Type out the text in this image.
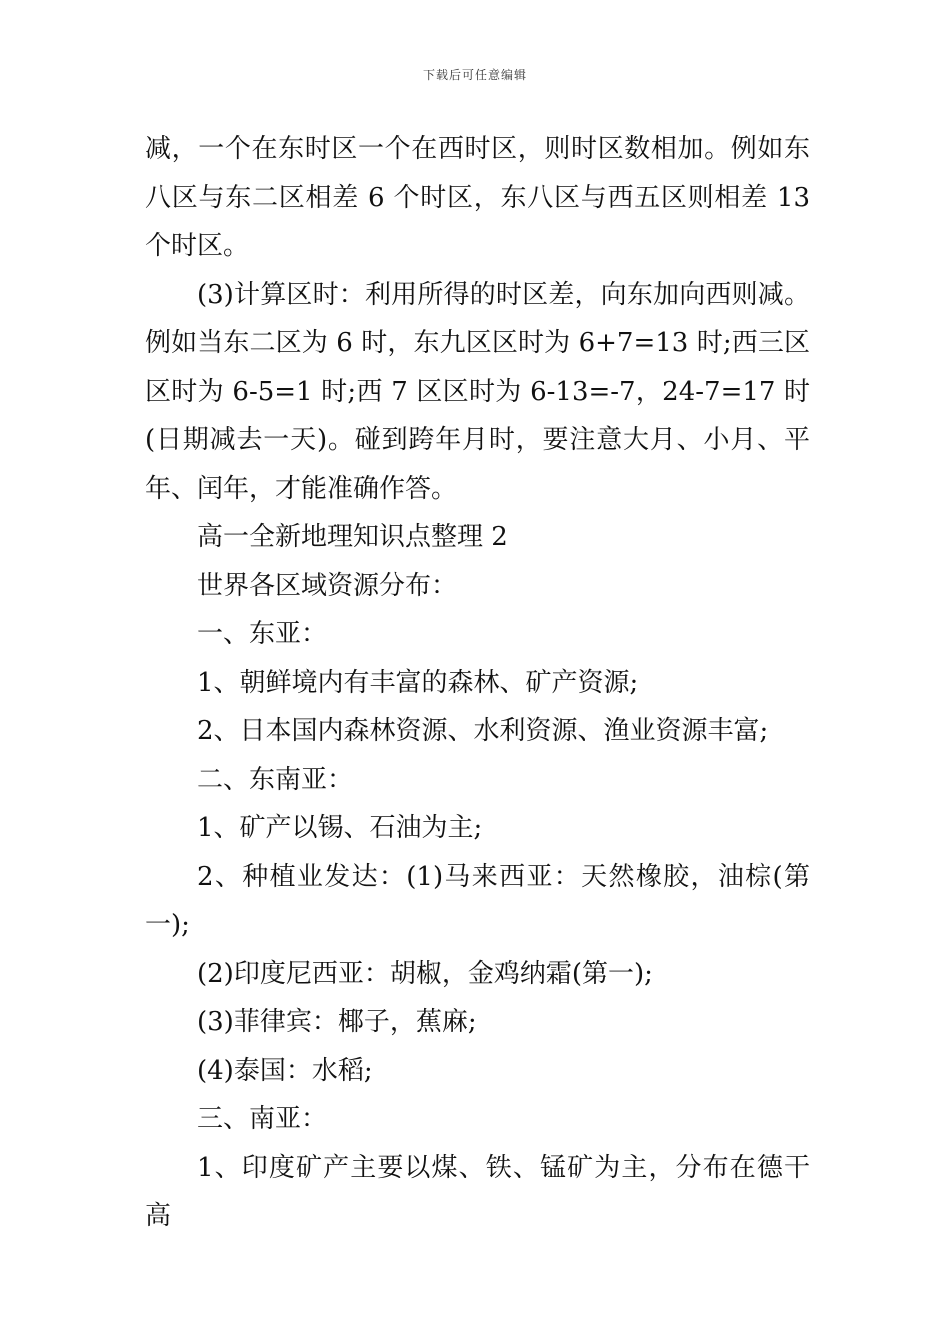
下载后可任意编辑

减，一个在东时区一个在西时区，则时区数相加。例如东八区与东二区相差 6 个时区，东八区与西五区则相差 13 个时区。

(3)计算区时：利用所得的时区差，向东加向西则减。例如当东二区为 6 时，东九区区时为 6+7=13 时;西三区区时为 6-5=1 时;西 7 区区时为 6-13=-7，24-7=17 时(日期减去一天)。碰到跨年月时，要注意大月、小月、平年、闰年，才能准确作答。

高一全新地理知识点整理 2

世界各区域资源分布：

一、东亚：

1、朝鲜境内有丰富的森林、矿产资源;

2、日本国内森林资源、水利资源、渔业资源丰富;

二、东南亚：

1、矿产以锡、石油为主;

2、种植业发达：(1)马来西亚：天然橡胶，油棕(第一);

(2)印度尼西亚：胡椒，金鸡纳霜(第一);

(3)菲律宾：椰子，蕉麻;

(4)泰国：水稻;

三、南亚：

1、印度矿产主要以煤、铁、锰矿为主，分布在德干高
